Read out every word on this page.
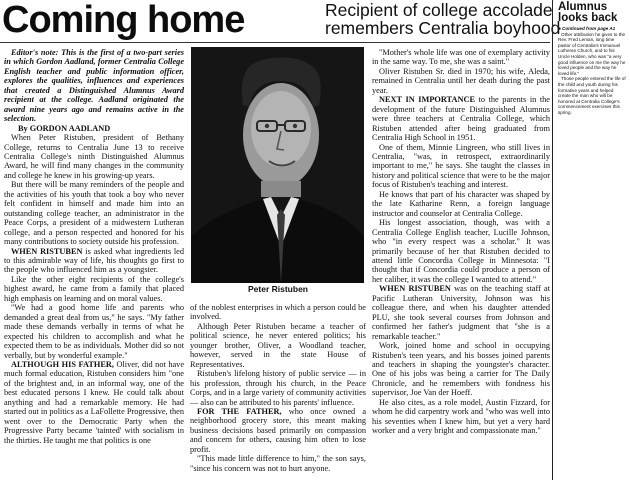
Coming home	Recipient of college accolade
remembers Centralia boyhood
Alumnus
looks back
■ Continued from page A1

Other attribution he gives to the Rev. Fred Leman, long time pastor of Centralia's Immanuel Lutheran Church, and to his Uncle Holden, who was "a very good influence on me the way he loved people and the way he loved life."

Those people entered the life of the child and youth during his formative years and helped create the man who will be honored at Centralia College's commencement exercises this spring.

Editor's note: This is the first of a two-part series in which Gordon Aadland, former Centralia College English teacher and public information officer, explores the qualities, influences and experiences that created a Distinguished Alumnus Award recipient at the college. Aadland originated the award nine years ago and remains active in the selection.

By GORDON AADLAND

When Peter Ristuben, president of Bethany College, returns to Centralia June 13 to receive Centralia College's ninth Distinguished Alumnus Award, he will find many changes in the community and college he knew in his growing-up years.

But there will be many reminders of the people and the activities of his youth that took a boy who never felt confident in himself and made him into an outstanding college teacher, an administrator in the Peace Corps, a president of a midwestern Lutheran college, and a person respected and honored for his many contributions to society outside his profession.

WHEN RISTUBEN is asked what ingredients led to this admirable way of life, his thoughts go first to the people who influenced him as a youngster.

Like the other eight recipients of the college's highest award, he came from a family that placed high emphasis on learning and on moral values.

"We had a good home life and parents who demanded a great deal from us," he says. "My father made these demands verbally in terms of what he expected his children to accomplish and what he expected them to be as individuals. Mother did so not verbally, but by wonderful example."

ALTHOUGH HIS FATHER, Oliver, did not have much formal education, Ristuben considers him "one of the brightest and, in an informal way, one of the best educated persons I knew. He could talk about anything and had a remarkable memory. He had started out in politics as a LaFollette Progressive, then went over to the Democratic Party when the Progressive Party became 'tainted' with socialism in the thirties. He taught me that politics is one

Peter Ristuben

of the noblest enterprises in which a person could be involved.

Although Peter Ristuben became a teacher of political science, he never entered politics; his younger brother, Oliver, a Woodland teacher, however, served in the state House of Representatives.

Ristuben's lifelong history of public service — in his profession, through his church, in the Peace Corps, and in a large variety of community activities — also can be attributed to his parents' influence.

FOR THE FATHER, who once owned a neighborhood grocery store, this meant making business decisions based primarily on compassion and concern for others, causing him often to lose profit.

"This made little difference to him," the son says, "since his concern was not to hurt anyone.

"Mother's whole life was one of exemplary activity in the same way. To me, she was a saint."

Oliver Ristuben Sr. died in 1970; his wife, Aleda, remained in Centralia until her death during the past year.

NEXT IN IMPORTANCE to the parents in the development of the future Distinguished Alumnus were three teachers at Centralia College, which Ristuben attended after being graduated from Centralia High School in 1951.

One of them, Minnie Lingreen, who still lives in Centralia, "was, in retrospect, extraordinarily important to me," he says. She taught the classes in history and political science that were to be the major focus of Ristuben's teaching and interest.

He knows that part of his character was shaped by the late Katharine Renn, a foreign language instructor and counselor at Centralia College.

His longest association, though, was with a Centralia College English teacher, Lucille Johnson, who "in every respect was a scholar." It was primarily because of her that Ristuben decided to attend little Concordia College in Minnesota: "I thought that if Concordia could produce a person of her caliber, it was the college I wanted to attend."

WHEN RISTUBEN was on the teaching staff at Pacific Lutheran University, Johnson was his colleague there, and when his daughter attended PLU, she took several courses from Johnson and confirmed her father's judgment that "she is a remarkable teacher."

Work, joined home and school in occupying Ristuben's teen years, and his bosses joined parents and teachers in shaping the youngster's character. One of his jobs was being a carrier for The Daily Chronicle, and he remembers with fondness his supervisor, Joe Van der Hoeff.

He also cites, as a role model, Austin Fizzard, for whom he did carpentry work and "who was well into his seventies when I knew him, but yet a very hard worker and a very bright and compassionate man."
